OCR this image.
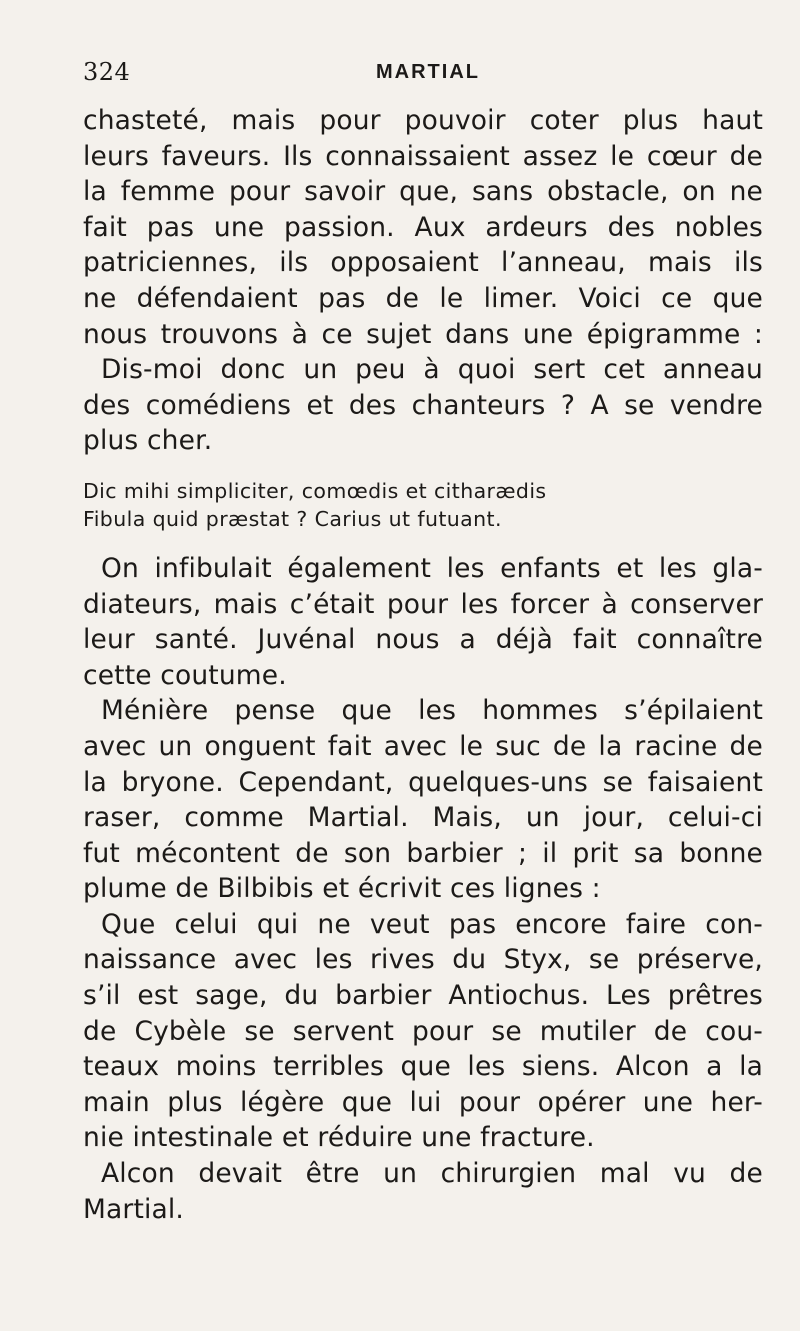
324	MARTIAL
chasteté, mais pour pouvoir coter plus haut
leurs faveurs. Ils connaissaient assez le cœur de
la femme pour savoir que, sans obstacle, on ne
fait pas une passion. Aux ardeurs des nobles
patriciennes, ils opposaient l’anneau, mais ils
ne défendaient pas de le limer. Voici ce que
nous trouvons à ce sujet dans une épigramme :
Dis-moi donc un peu à quoi sert cet anneau
des comédiens et des chanteurs ? A se vendre
plus cher.
Dic mihi simpliciter, comœdis et citharædis
Fibula quid præstat ? Carius ut futuant.
On infibulait également les enfants et les gla-
diateurs, mais c’était pour les forcer à conserver
leur santé. Juvénal nous a déjà fait connaître
cette coutume.
Ménière pense que les hommes s’épilaient
avec un onguent fait avec le suc de la racine de
la bryone. Cependant, quelques-uns se faisaient
raser, comme Martial. Mais, un jour, celui-ci
fut mécontent de son barbier ; il prit sa bonne
plume de Bilbibis et écrivit ces lignes :
Que celui qui ne veut pas encore faire con-
naissance avec les rives du Styx, se préserve,
s’il est sage, du barbier Antiochus. Les prêtres
de Cybèle se servent pour se mutiler de cou-
teaux moins terribles que les siens. Alcon a la
main plus légère que lui pour opérer une her-
nie intestinale et réduire une fracture.
Alcon devait être un chirurgien mal vu de
Martial.
